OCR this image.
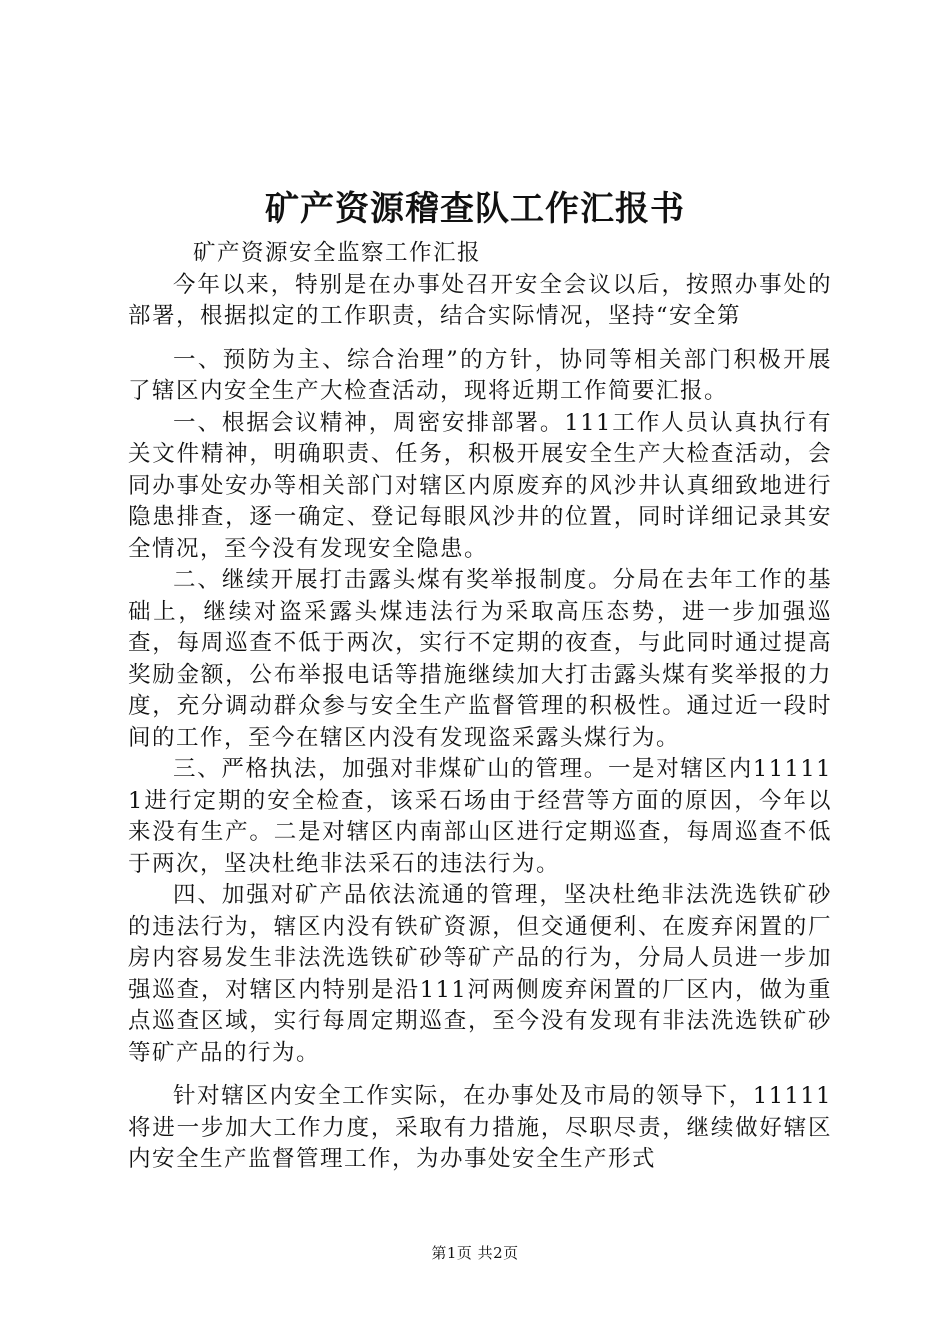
矿产资源稽查队工作汇报书

矿产资源安全监察工作汇报

今年以来，特别是在办事处召开安全会议以后，按照办事处的部署，根据拟定的工作职责，结合实际情况，坚持“安全第

一、预防为主、综合治理”的方针，协同等相关部门积极开展了辖区内安全生产大检查活动，现将近期工作简要汇报。

一、根据会议精神，周密安排部署。111工作人员认真执行有关文件精神，明确职责、任务，积极开展安全生产大检查活动，会同办事处安办等相关部门对辖区内原废弃的风沙井认真细致地进行隐患排查，逐一确定、登记每眼风沙井的位置，同时详细记录其安全情况，至今没有发现安全隐患。

二、继续开展打击露头煤有奖举报制度。分局在去年工作的基础上，继续对盗采露头煤违法行为采取高压态势，进一步加强巡查，每周巡查不低于两次，实行不定期的夜查，与此同时通过提高奖励金额，公布举报电话等措施继续加大打击露头煤有奖举报的力度，充分调动群众参与安全生产监督管理的积极性。通过近一段时间的工作，至今在辖区内没有发现盗采露头煤行为。

三、严格执法，加强对非煤矿山的管理。一是对辖区内111111进行定期的安全检查，该采石场由于经营等方面的原因，今年以来没有生产。二是对辖区内南部山区进行定期巡查，每周巡查不低于两次，坚决杜绝非法采石的违法行为。

四、加强对矿产品依法流通的管理，坚决杜绝非法洗选铁矿砂的违法行为，辖区内没有铁矿资源，但交通便利、在废弃闲置的厂房内容易发生非法洗选铁矿砂等矿产品的行为，分局人员进一步加强巡查，对辖区内特别是沿111河两侧废弃闲置的厂区内，做为重点巡查区域，实行每周定期巡查，至今没有发现有非法洗选铁矿砂等矿产品的行为。

针对辖区内安全工作实际，在办事处及市局的领导下，11111将进一步加大工作力度，采取有力措施，尽职尽责，继续做好辖区内安全生产监督管理工作，为办事处安全生产形式

第1页 共2页
